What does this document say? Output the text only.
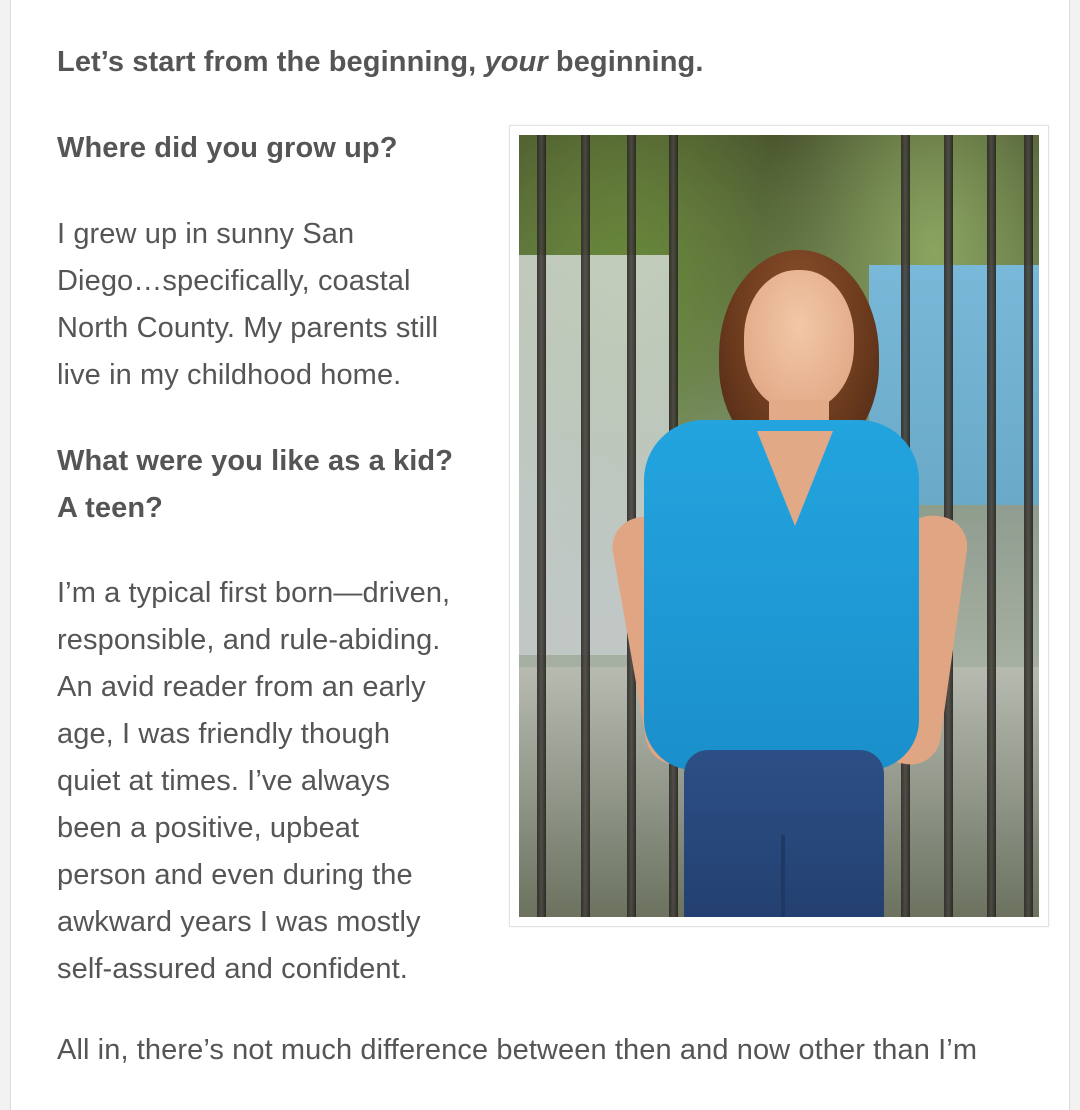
Let’s start from the beginning, your beginning.

Where did you grow up?

I grew up in sunny San
Diego…specifically, coastal
North County. My parents still
live in my childhood home.
What were you like as a kid?
A teen?
I’m a typical first born—driven,
responsible, and rule-abiding.
An avid reader from an early
age, I was friendly though
quiet at times. I’ve always
been a positive, upbeat
person and even during the
awkward years I was mostly
self-assured and confident.

All in, there’s not much difference between then and now other than I’m
